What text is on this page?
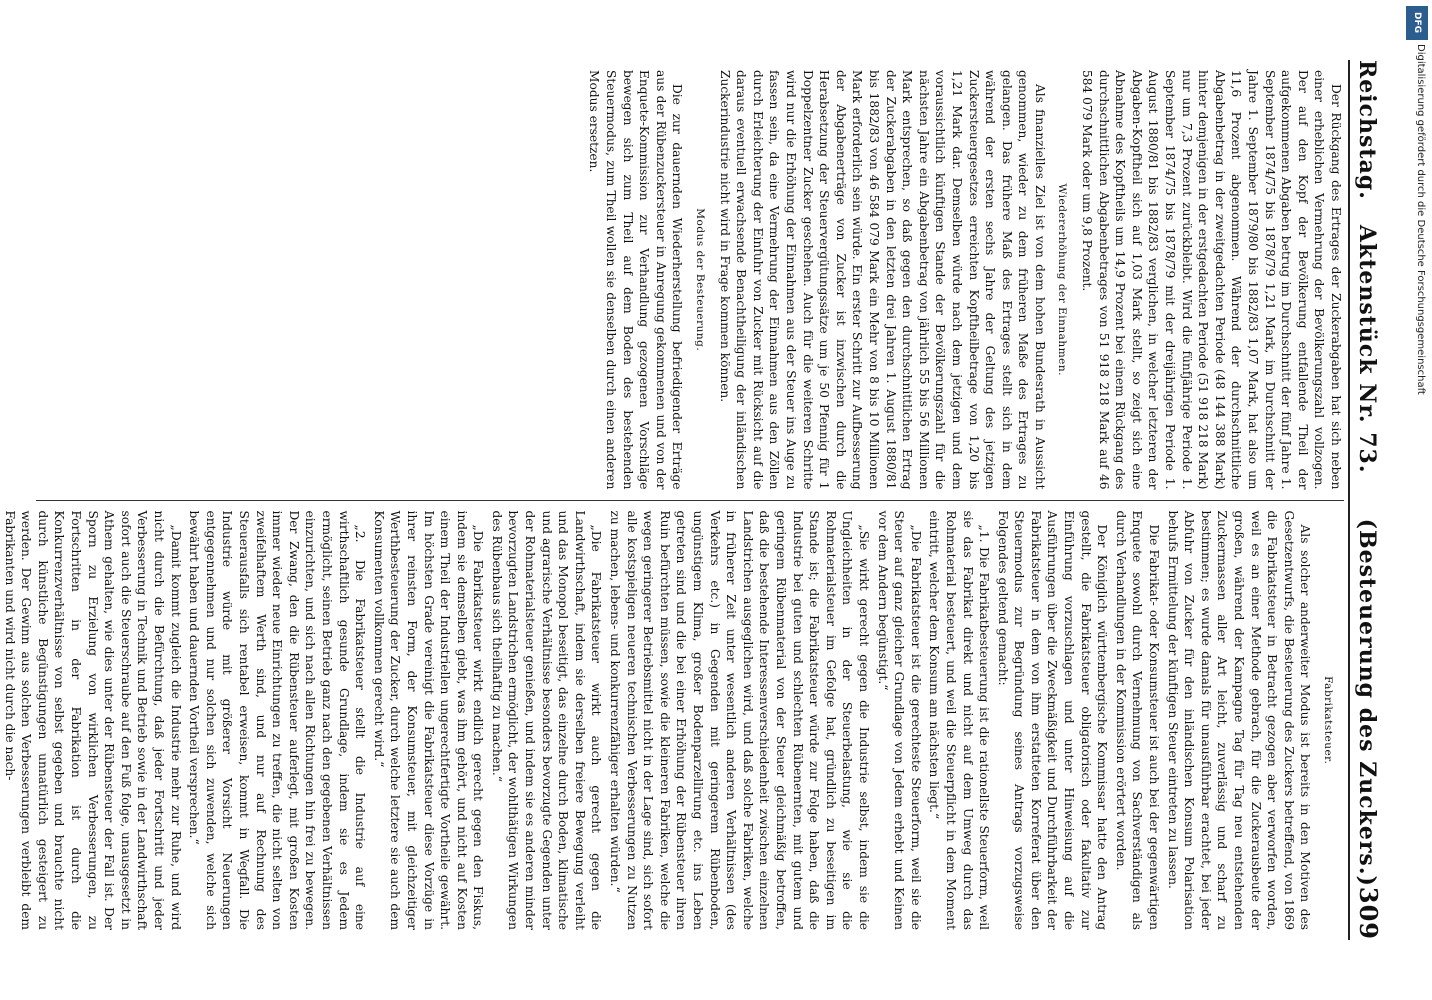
Reichstag.
Aktenstück Nr. 73.
(Besteuerung des Zuckers.)
309

Der Rückgang des Ertrages der Zuckerabgaben hat sich neben einer erheblichen Vermehrung der Bevölkerungszahl vollzogen. Der auf den Kopf der Bevölkerung entfallende Theil der aufgekommenen Abgaben betrug im Durchschnitt der fünf Jahre 1. September 1874/75 bis 1878/79 1,21 Mark, im Durchschnitt der Jahre 1. September 1879/80 bis 1882/83 1,07 Mark, hat also um 11,6 Prozent abgenommen. Während der durchschnittliche Abgabenbetrag in der zweitgedachten Periode (48 144 388 Mark) hinter demjenigen in der erstgedachten Periode (51 918 218 Mark) nur um 7,3 Prozent zurückbleibt. Wird die fünfjährige Periode 1. September 1874/75 bis 1878/79 mit der dreijährigen Periode 1. August 1880/81 bis 1882/83 verglichen, in welcher letzteren der Abgaben-Kopftheil sich auf 1,03 Mark stellt, so zeigt sich eine Abnahme des Kopftheils um 14,9 Prozent bei einem Rückgang des durchschnittlichen Abgabenbetrages von 51 918 218 Mark auf 46 584 079 Mark oder um 9,8 Prozent.

Wiedererhöhung der Einnahmen.

Als finanzielles Ziel ist von dem hohen Bundesrath in Aussicht genommen, wieder zu dem früheren Maße des Ertrages zu gelangen. Das frühere Maß des Ertrages stellt sich in dem während der ersten sechs Jahre der Geltung des jetzigen Zuckersteuergesetzes erreichten Kopftheilbetrage von 1,20 bis 1,21 Mark dar. Demselben würde nach dem jetzigen und dem voraussichtlich künftigen Stande der Bevölkerungszahl für die nächsten Jahre ein Abgabenbetrag von jährlich 55 bis 56 Millionen Mark entsprechen, so daß gegen den durchschnittlichen Ertrag der Zuckerabgaben in den letzten drei Jahren 1. August 1880/81 bis 1882/83 von 46 584 079 Mark ein Mehr von 8 bis 10 Millionen Mark erforderlich sein würde. Ein erster Schritt zur Aufbesserung der Abgabenerträge von Zucker ist inzwischen durch die Herabsetzung der Steuervergütungssätze um je 50 Pfennig für 1 Doppelzentner Zucker geschehen. Auch für die weiteren Schritte wird nur die Erhöhung der Einnahmen aus der Steuer ins Auge zu fassen sein, da eine Vermehrung der Einnahmen aus den Zöllen durch Erleichterung der Einfuhr von Zucker mit Rücksicht auf die daraus eventuell erwachsende Benachtheiligung der inländischen Zuckerindustrie nicht wird in Frage kommen können.

Modus der Besteuerung.

Die zur dauernden Wiederherstellung befriedigender Erträge aus der Rübenzuckersteuer in Anregung gekommenen und von der Enquete-Kommission zur Verhandlung gezogenen Vorschläge bewegen sich zum Theil auf dem Boden des bestehenden Steuermodus, zum Theil wollen sie denselben durch einen anderen Modus ersetzen.

Fabrikatsteuer.

Als solcher anderweiter Modus ist bereits in den Motiven des Gesetzentwurfs, die Besteuerung des Zuckers betreffend, von 1869 die Fabrikatsteuer in Betracht gezogen aber verworfen worden, weil es an einer Methode gebrach, für die Zuckerausbeute der großen, während der Kampagne Tag für Tag neu entstehenden Zuckermassen aller Art leicht, zuverlässig und scharf zu bestimmen; es wurde damals für unausführbar erachtet, bei jeder Abfuhr von Zucker für den inländischen Konsum Polarisation behufs Ermittelung der künftigen Steuer eintreten zu lassen.

Die Fabrikat- oder Konsumsteuer ist auch bei der gegenwärtigen Enquete sowohl durch Vernehmung von Sachverständigen als durch Verhandlungen in der Kommission erörtert worden.

Der Königlich württembergische Kommissar hatte den Antrag gestellt, die Fabrikatsteuer obligatorisch oder fakultativ zur Einführung vorzuschlagen und unter Hinweisung auf die Ausführungen über die Zweckmäßigkeit und Durchführbarkeit der Fabrikatsteuer in dem von ihm erstatteten Korreferat über den Steuermodus zur Begründung seines Antrags vorzugsweise Folgendes geltend gemacht:

„1. Die Fabrikatbesteuerung ist die rationellste Steuerform, weil sie das Fabrikat direkt und nicht auf dem Umweg durch das Rohmaterial besteuert, und weil die Steuerpflicht in dem Moment eintritt, welcher dem Konsum am nächsten liegt.“

„Die Fabrikatsteuer ist die gerechteste Steuerform, weil sie die Steuer auf ganz gleicher Grundlage von Jedem erhebt und Keinen vor dem Andern begünstigt.“

„Sie wirkt gerecht gegen die Industrie selbst, indem sie die Ungleichheiten in der Steuerbelastung, wie sie die Rohmaterialsteuer im Gefolge hat, gründlich zu beseitigen im Stande ist; die Fabrikatsteuer würde zur Folge haben, daß die Industrie bei guten und schlechten Rübenernten, mit gutem und geringem Rübenmaterial von der Steuer gleichmäßig betroffen, daß die bestehende Interessenverschiedenheit zwischen einzelnen Landstrichen ausgeglichen wird, und daß solche Fabriken, welche in früherer Zeit unter wesentlich anderen Verhältnissen (des Verkehrs etc.) in Gegenden mit geringerem Rübenboden, ungünstigem Klima, großer Bodenparzellirung etc. ins Leben getreten sind und die bei einer Erhöhung der Rübensteuer ihren Ruin befürchten müssen, sowie die kleineren Fabriken, welche die wegen geringerer Betriebsmittel nicht in der Lage sind, sich sofort alle kostspieligen neueren technischen Verbesserungen zu Nutzen zu machen, lebens- und konkurrenzfähiger erhalten würden.“

„Die Fabrikatsteuer wirkt auch gerecht gegen die Landwirthschaft, indem sie derselben freiere Bewegung verleiht und das Monopol beseitigt, das einzelne durch Boden, klimatische und agrarische Verhältnisse besonders bevorzugte Gegenden unter der Rohmaterialsteuer genießen, und indem sie es anderen minder bevorzugten Landstrichen ermöglicht, der wohlthätigen Wirkungen des Rübenbaus sich theilhaftig zu machen.“

„Die Fabrikatsteuer wirkt endlich gerecht gegen den Fiskus, indem sie demselben giebt, was ihm gehört, und nicht auf Kosten einem Theil der Industriellen ungerechtfertigte Vortheile gewährt. Im höchsten Grade vereinigt die Fabrikatsteuer diese Vorzüge in ihrer reinsten Form, der Konsumsteuer, mit gleichzeitiger Werthbesteuerung der Zucker, durch welche letztere sie auch dem Konsumenten vollkommen gerecht wird.“

„2. Die Fabrikatsteuer stellt die Industrie auf eine wirthschaftlich gesunde Grundlage, indem sie es Jedem ermöglicht, seinen Betrieb ganz nach den gegebenen Verhältnissen einzurichten, und sich nach allen Richtungen hin frei zu bewegen. Der Zwang, den die Rübensteuer auferlegt, mit großen Kosten immer wieder neue Einrichtungen zu treffen, die nicht selten von zweifelhaftem Werth sind, und nur auf Rechnung des Steuerausfalls sich rentabel erweisen, kommt in Wegfall. Die Industrie würde mit größerer Vorsicht Neuerungen entgegennehmen und nur solchen sich zuwenden, welche sich bewährt haben und dauernden Vortheil versprechen.“

„Damit kommt zugleich die Industrie mehr zur Ruhe, und wird nicht durch die Befürchtung, daß jeder Fortschritt und jeder Verbesserung in Technik und Betrieb sowie in der Landwirthschaft sofort auch die Steuerschraube auf den Fuß folge, unausgesetzt in Athem gehalten, wie dies unter der Rübensteuer der Fall ist. Der Sporn zu Erzielung von wirklichen Verbesserungen, zu Fortschritten in der Fabrikation ist durch die Konkurrenzverhältnisse von selbst gegeben und brauchte nicht durch künstliche Begünstigungen unnatürlich gesteigert zu werden. Der Gewinn aus solchen Verbesserungen verbleibt dem Fabrikanten und wird nicht durch die nach-

DFG
Digitalisierung gefördert durch die Deutsche Forschungsgemeinschaft
